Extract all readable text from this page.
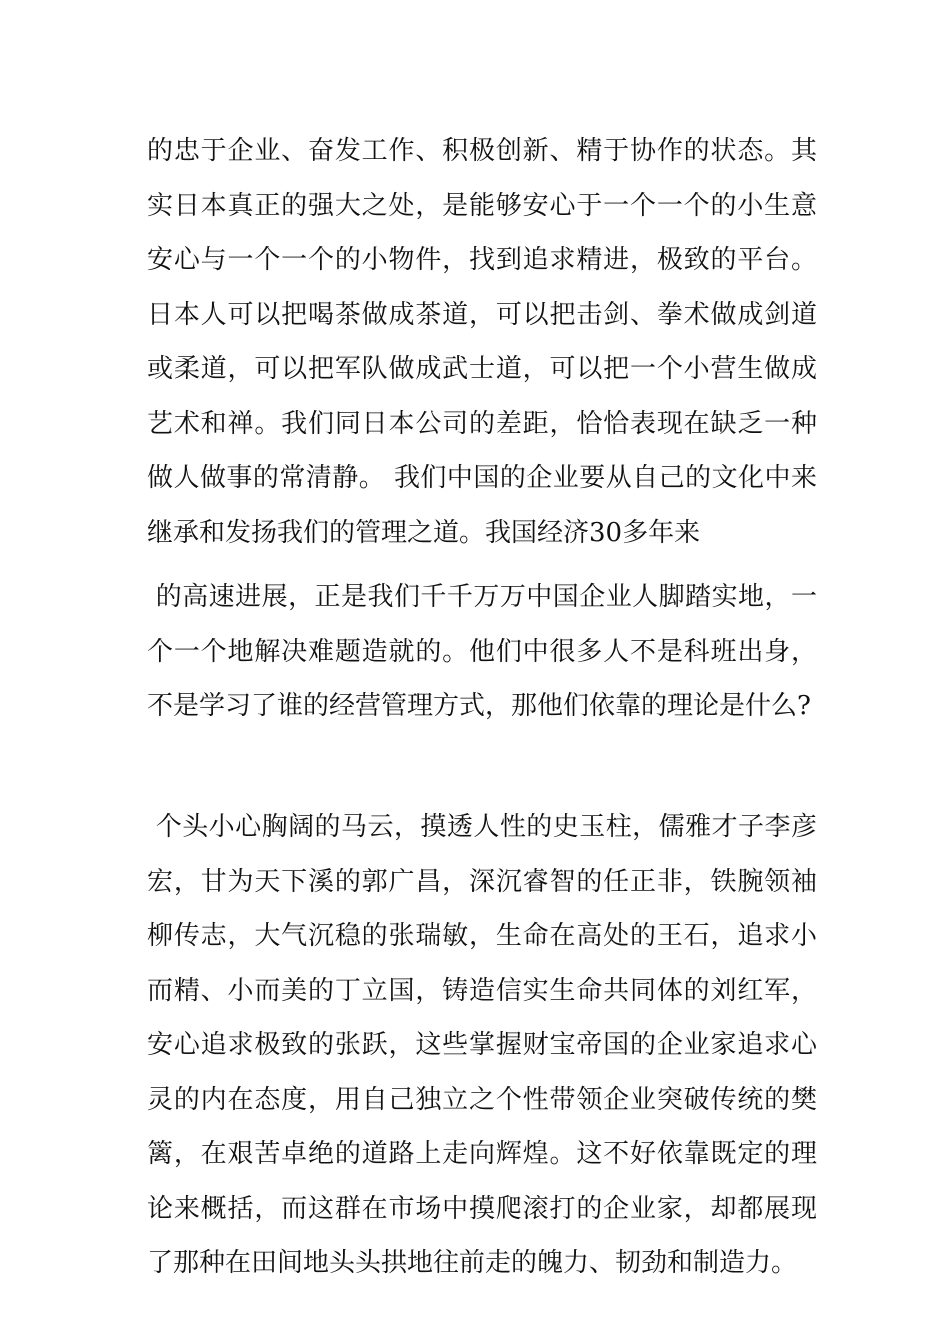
的忠于企业、奋发工作、积极创新、精于协作的状态。其实日本真正的强大之处，是能够安心于一个一个的小生意安心与一个一个的小物件，找到追求精进，极致的平台。日本人可以把喝茶做成茶道，可以把击剑、拳术做成剑道或柔道，可以把军队做成武士道，可以把一个小营生做成艺术和禅。我们同日本公司的差距，恰恰表现在缺乏一种做人做事的常清静。 我们中国的企业要从自己的文化中来继承和发扬我们的管理之道。我国经济30多年来

的高速进展，正是我们千千万万中国企业人脚踏实地，一个一个地解决难题造就的。他们中很多人不是科班出身，不是学习了谁的经营管理方式，那他们依靠的理论是什么?

个头小心胸阔的马云，摸透人性的史玉柱，儒雅才子李彦宏，甘为天下溪的郭广昌，深沉睿智的任正非，铁腕领袖柳传志，大气沉稳的张瑞敏，生命在高处的王石，追求小而精、小而美的丁立国，铸造信实生命共同体的刘红军，安心追求极致的张跃，这些掌握财宝帝国的企业家追求心灵的内在态度，用自己独立之个性带领企业突破传统的樊篱，在艰苦卓绝的道路上走向辉煌。这不好依靠既定的理论来概括，而这群在市场中摸爬滚打的企业家，却都展现了那种在田间地头头拱地往前走的魄力、韧劲和制造力。
